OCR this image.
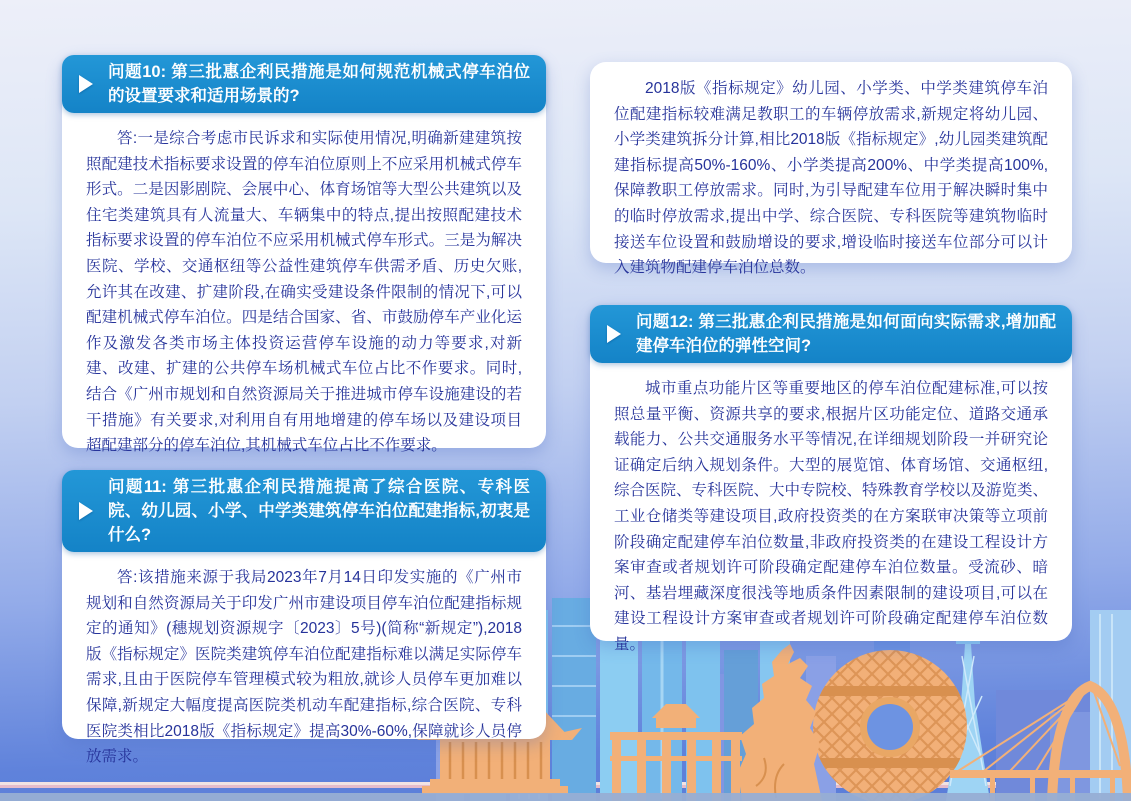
问题10: 第三批惠企利民措施是如何规范机械式停车泊位的设置要求和适用场景的?

答:一是综合考虑市民诉求和实际使用情况,明确新建建筑按照配建技术指标要求设置的停车泊位原则上不应采用机械式停车形式。二是因影剧院、会展中心、体育场馆等大型公共建筑以及住宅类建筑具有人流量大、车辆集中的特点,提出按照配建技术指标要求设置的停车泊位不应采用机械式停车形式。三是为解决医院、学校、交通枢纽等公益性建筑停车供需矛盾、历史欠账,允许其在改建、扩建阶段,在确实受建设条件限制的情况下,可以配建机械式停车泊位。四是结合国家、省、市鼓励停车产业化运作及激发各类市场主体投资运营停车设施的动力等要求,对新建、改建、扩建的公共停车场机械式车位占比不作要求。同时,结合《广州市规划和自然资源局关于推进城市停车设施建设的若干措施》有关要求,对利用自有用地增建的停车场以及建设项目超配建部分的停车泊位,其机械式车位占比不作要求。

问题11: 第三批惠企利民措施提高了综合医院、专科医院、幼儿园、小学、中学类建筑停车泊位配建指标,初衷是什么?

答:该措施来源于我局2023年7月14日印发实施的《广州市规划和自然资源局关于印发广州市建设项目停车泊位配建指标规定的通知》(穗规划资源规字〔2023〕5号)(简称“新规定”),2018版《指标规定》医院类建筑停车泊位配建指标难以满足实际停车需求,且由于医院停车管理模式较为粗放,就诊人员停车更加难以保障,新规定大幅度提高医院类机动车配建指标,综合医院、专科医院类相比2018版《指标规定》提高30%-60%,保障就诊人员停放需求。

2018版《指标规定》幼儿园、小学类、中学类建筑停车泊位配建指标较难满足教职工的车辆停放需求,新规定将幼儿园、小学类建筑拆分计算,相比2018版《指标规定》,幼儿园类建筑配建指标提高50%-160%、小学类提高200%、中学类提高100%,保障教职工停放需求。同时,为引导配建车位用于解决瞬时集中的临时停放需求,提出中学、综合医院、专科医院等建筑物临时接送车位设置和鼓励增设的要求,增设临时接送车位部分可以计入建筑物配建停车泊位总数。

问题12: 第三批惠企利民措施是如何面向实际需求,增加配建停车泊位的弹性空间?

城市重点功能片区等重要地区的停车泊位配建标准,可以按照总量平衡、资源共享的要求,根据片区功能定位、道路交通承载能力、公共交通服务水平等情况,在详细规划阶段一并研究论证确定后纳入规划条件。大型的展览馆、体育场馆、交通枢纽,综合医院、专科医院、大中专院校、特殊教育学校以及游览类、工业仓储类等建设项目,政府投资类的在方案联审决策等立项前阶段确定配建停车泊位数量,非政府投资类的在建设工程设计方案审查或者规划许可阶段确定配建停车泊位数量。受流砂、暗河、基岩埋藏深度很浅等地质条件因素限制的建设项目,可以在建设工程设计方案审查或者规划许可阶段确定配建停车泊位数量。
